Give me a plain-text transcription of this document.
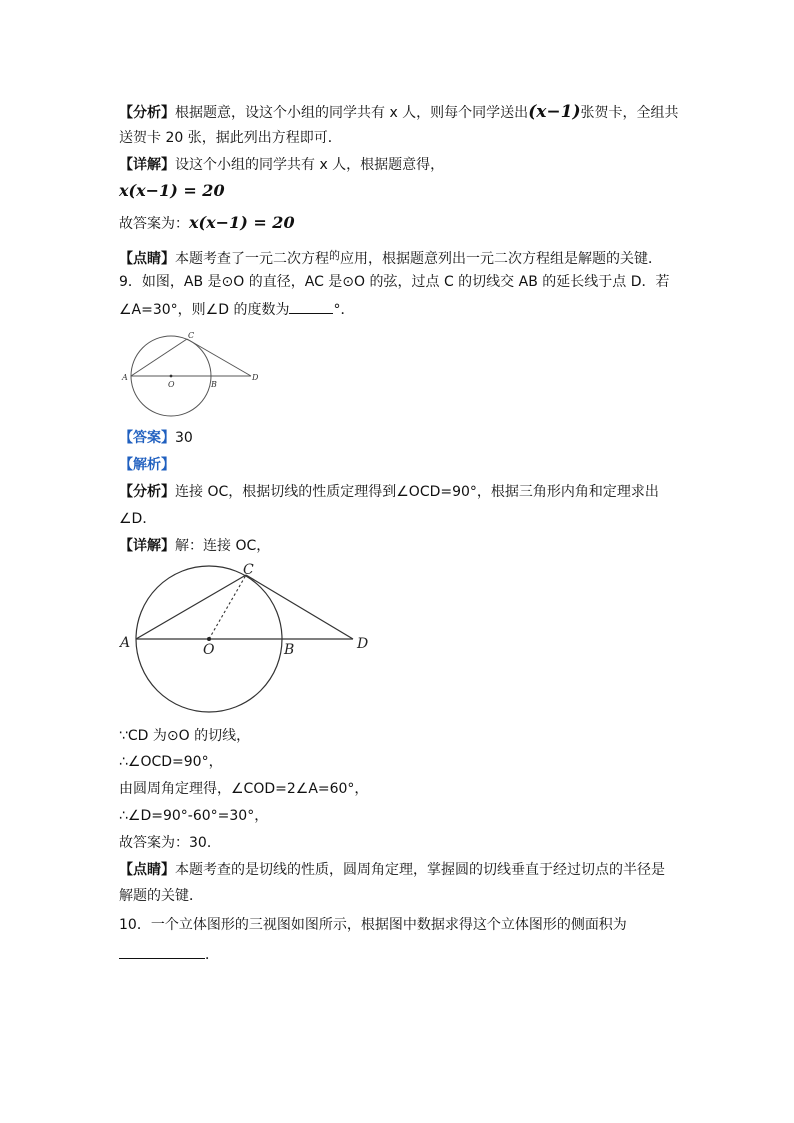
【分析】根据题意，设这个小组的同学共有 x 人，则每个同学送出(x−1)张贺卡，全组共
送贺卡 20 张，据此列出方程即可．
【详解】设这个小组的同学共有 x 人，根据题意得，
x(x−1) = 20
故答案为：x(x−1) = 20
【点睛】本题考查了一元二次方程$^的$应用，根据题意列出一元二次方程组是解题的关键．
9．如图，AB 是⊙O 的直径，AC 是⊙O 的弦，过点 C 的切线交 AB 的延长线于点 D．若
∠A=30°，则∠D 的度数为	°．
A
O	B
C
D
【答案】30
【解析】
【分析】连接 OC，根据切线的性质定理得到∠OCD=90°，根据三角形内角和定理求出
∠D．
【详解】解：连接 OC，
A	O	B
C
D
∵CD 为⊙O 的切线，
∴∠OCD=90°，
由圆周角定理得，∠COD=2∠A=60°，
∴∠D=90°-60°=30°，
故答案为：30．
【点睛】本题考查的是切线的性质，圆周角定理，掌握圆的切线垂直于经过切点的半径是
解题的关键．
10．一个立体图形的三视图如图所示，根据图中数据求得这个立体图形的侧面积为
．
